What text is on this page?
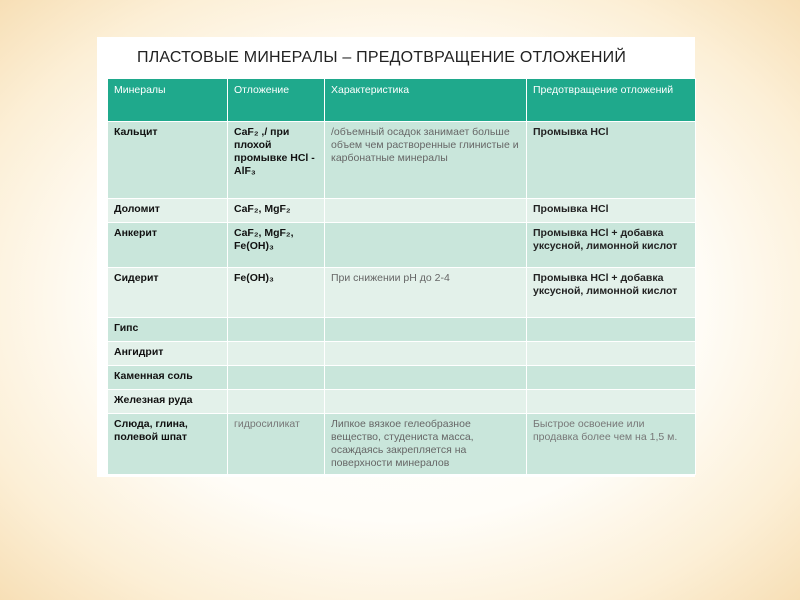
ПЛАСТОВЫЕ МИНЕРАЛЫ – ПРЕДОТВРАЩЕНИЕ ОТЛОЖЕНИЙ
Минералы	Отложение	Характеристика	Предотвращение отложений
Кальцит	CaF₂ ,/ при плохой промывке HCl - AlF₃	/объемный осадок занимает больше объем чем растворенные глинистые и карбонатные минералы	Промывка HCl
Доломит	CaF₂, MgF₂		Промывка HCl
Анкерит	CaF₂, MgF₂, Fe(OH)₃		Промывка HCl + добавка уксусной, лимонной кислот
Сидерит	Fe(OH)₃	При снижении pH до 2-4	Промывка HCl + добавка уксусной, лимонной кислот
Гипс			
Ангидрит			
Каменная соль			
Железная руда			
Слюда, глина, полевой шпат	гидросиликат	Липкое вязкое гелеобразное вещество, студениста масса, осаждаясь закрепляется на поверхности минералов	Быстрое освоение или продавка более чем на 1,5 м.
